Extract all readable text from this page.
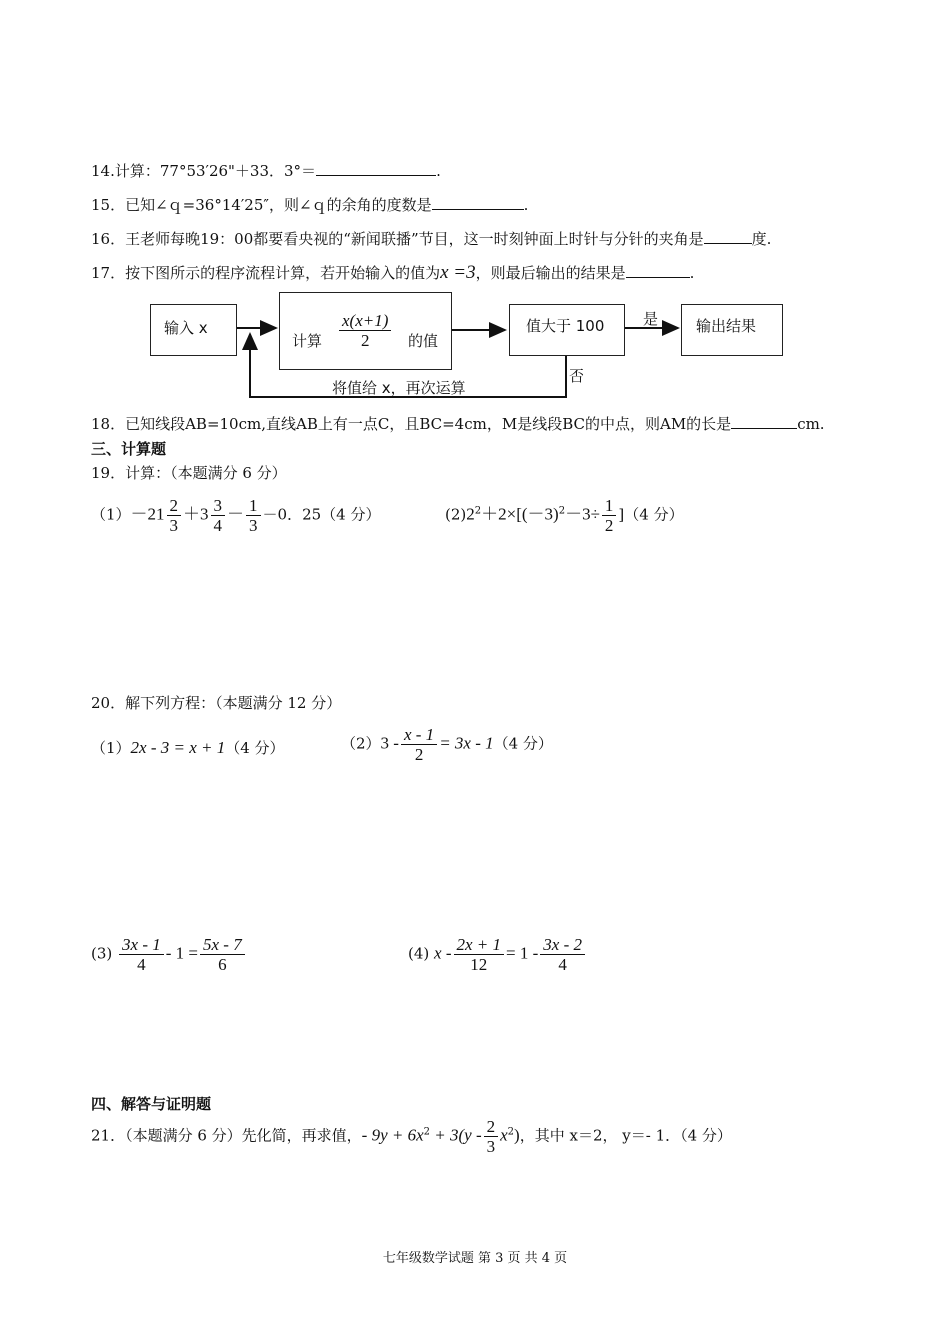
14.计算：77°53′26"＋33．3°＝	.
15．已知∠ｑ=36°14′25″，则∠ｑ的余角的度数是	.
16．王老师每晚19：00都要看央视的“新闻联播”节目，这一时刻钟面上时针与分针的夹角是	度.
17．按下图所示的程序流程计算，若开始输入的值为x =3，则最后输出的结果是	.
输入 x
计算 $\frac{x(x+1)}{2}$ 的值
值大于 100	是	输出结果
否
将值给 x，再次运算
18．已知线段AB=10cm,直线AB上有一点C，且BC=4cm，M是线段BC的中点，则AM的长是	cm.
三、计算题
19．计算：（本题满分 6 分）
$(1)-21 \frac{2}{3} +3 \frac{3}{4} - \frac{1}{3} -0$．25（4 分）	$(2)2^2+2\times[(-3)^2-3\div \frac{1}{2} ](4$ 分）
20．解下列方程：（本题满分 12 分）
（1）2x - 3 = x + 1（4 分）	$(2)3 - \frac{x - 1}{2} = 3x - 1(4$ 分）
$(3) \frac{3x - 1}{4} - 1 = \frac{5x - 7}{6}$	(4) $x - \frac{2x + 1}{12} = 1 - \frac{3x - 2}{4}$
四、解答与证明题
21．（本题满分 6 分）先化简，再求值，- $9y + 6x^2 + 3(y - \frac{2}{3} x^2)$，其中 x＝2， y＝- 1．（4 分）
七年级数学试题 第 3 页 共 4 页
